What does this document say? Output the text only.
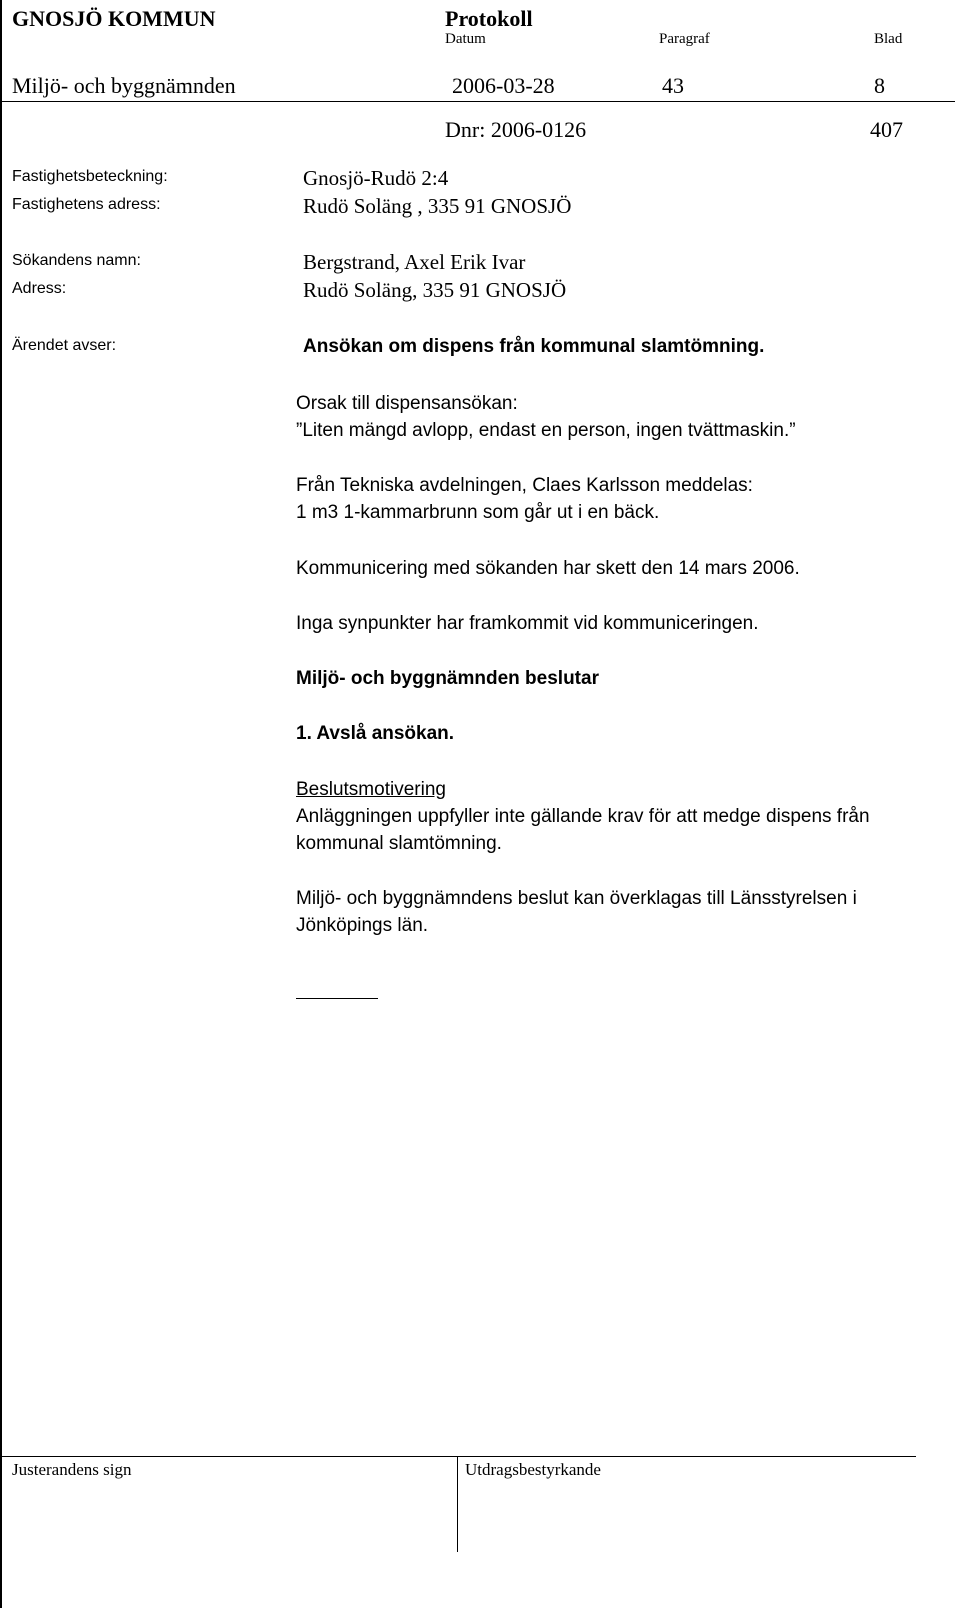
GNOSJÖ KOMMUN	Protokoll
Datum	Paragraf	Blad
Miljö- och byggnämnden	2006-03-28	43	8
Dnr: 2006-0126	407
Fastighetsbeteckning:	Gnosjö-Rudö 2:4
Fastighetens adress:	Rudö Soläng , 335 91 GNOSJÖ
Sökandens namn:	Bergstrand, Axel Erik Ivar
Adress:	Rudö Soläng, 335 91 GNOSJÖ
Ärendet avser:	Ansökan om dispens från kommunal slamtömning.
Orsak till dispensansökan:
”Liten mängd avlopp, endast en person, ingen tvättmaskin.”
Från Tekniska avdelningen, Claes Karlsson meddelas:
1 m3 1-kammarbrunn som går ut i en bäck.
Kommunicering med sökanden har skett den 14 mars 2006.
Inga synpunkter har framkommit vid kommuniceringen.
Miljö- och byggnämnden beslutar
1. Avslå ansökan.
Beslutsmotivering
Anläggningen uppfyller inte gällande krav för att medge dispens från kommunal slamtömning.
Miljö- och byggnämndens beslut kan överklagas till Länsstyrelsen i Jönköpings län.
Justerandens sign	Utdragsbestyrkande
